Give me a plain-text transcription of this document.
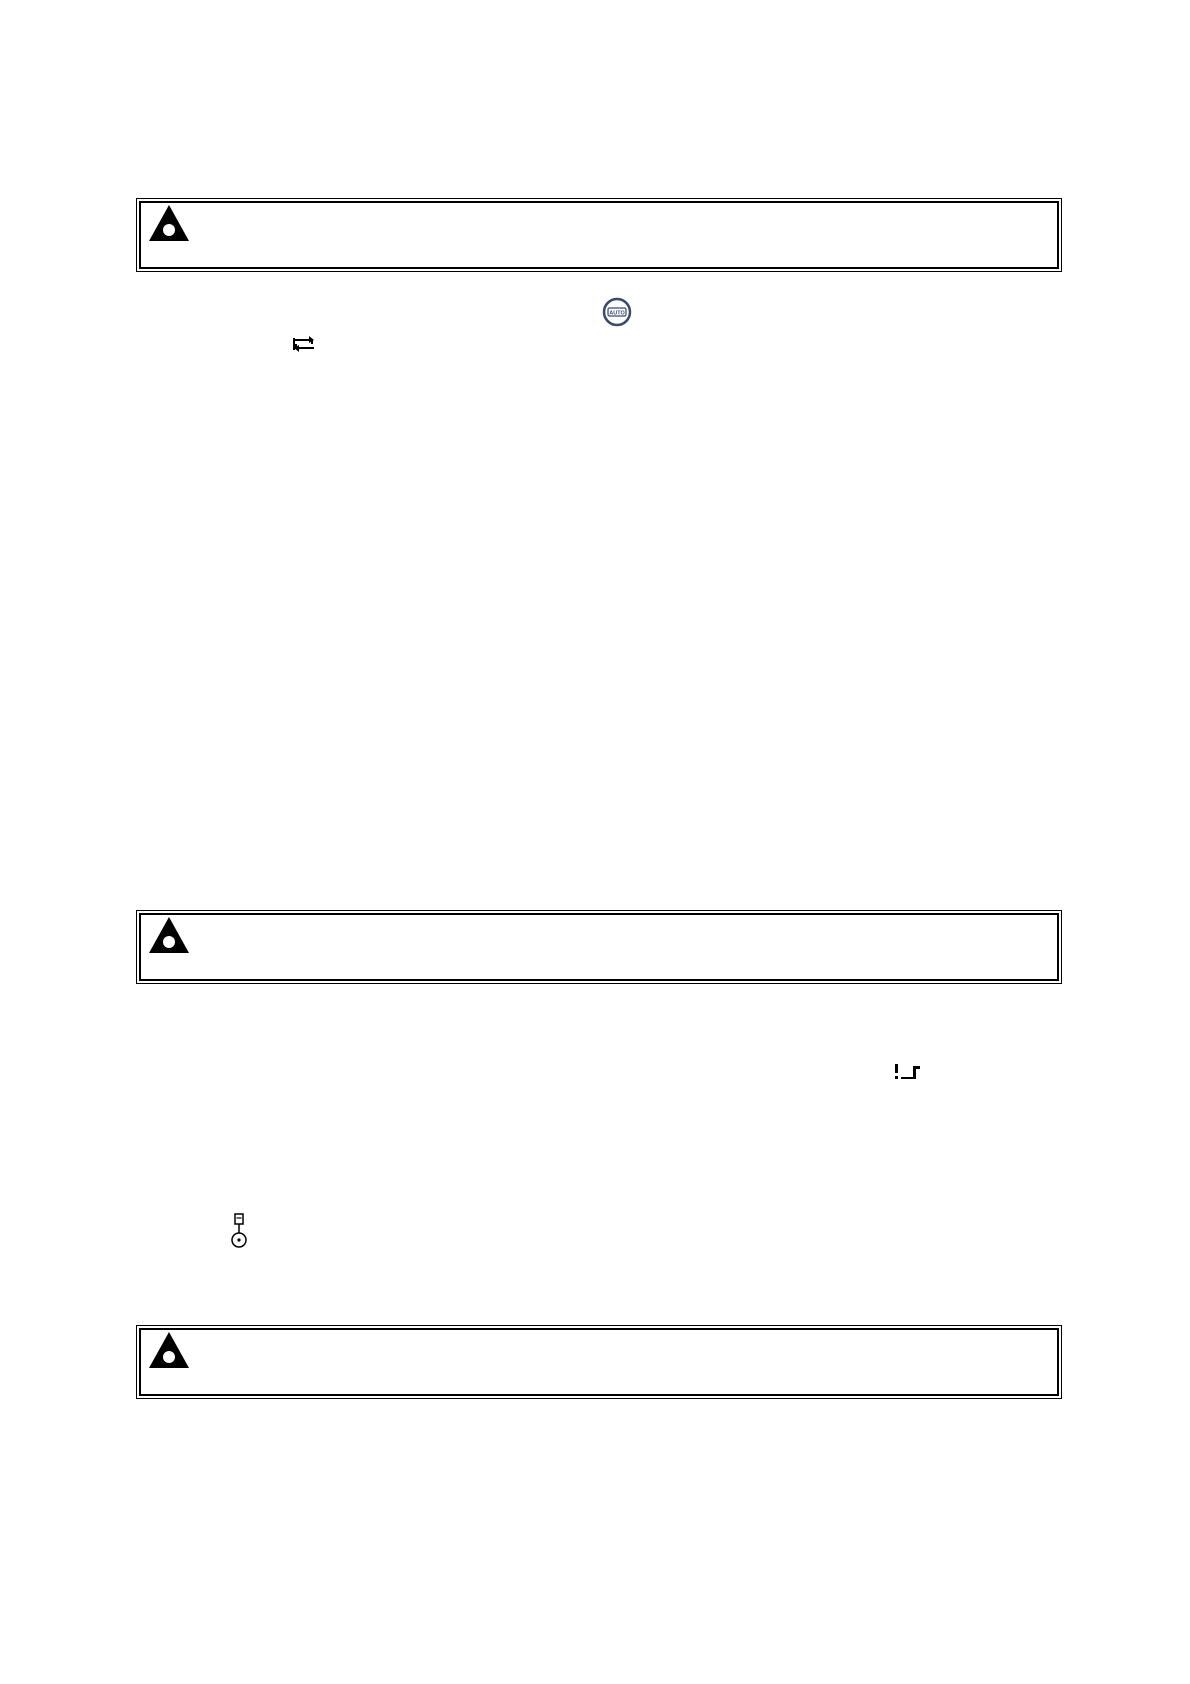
AUTO
